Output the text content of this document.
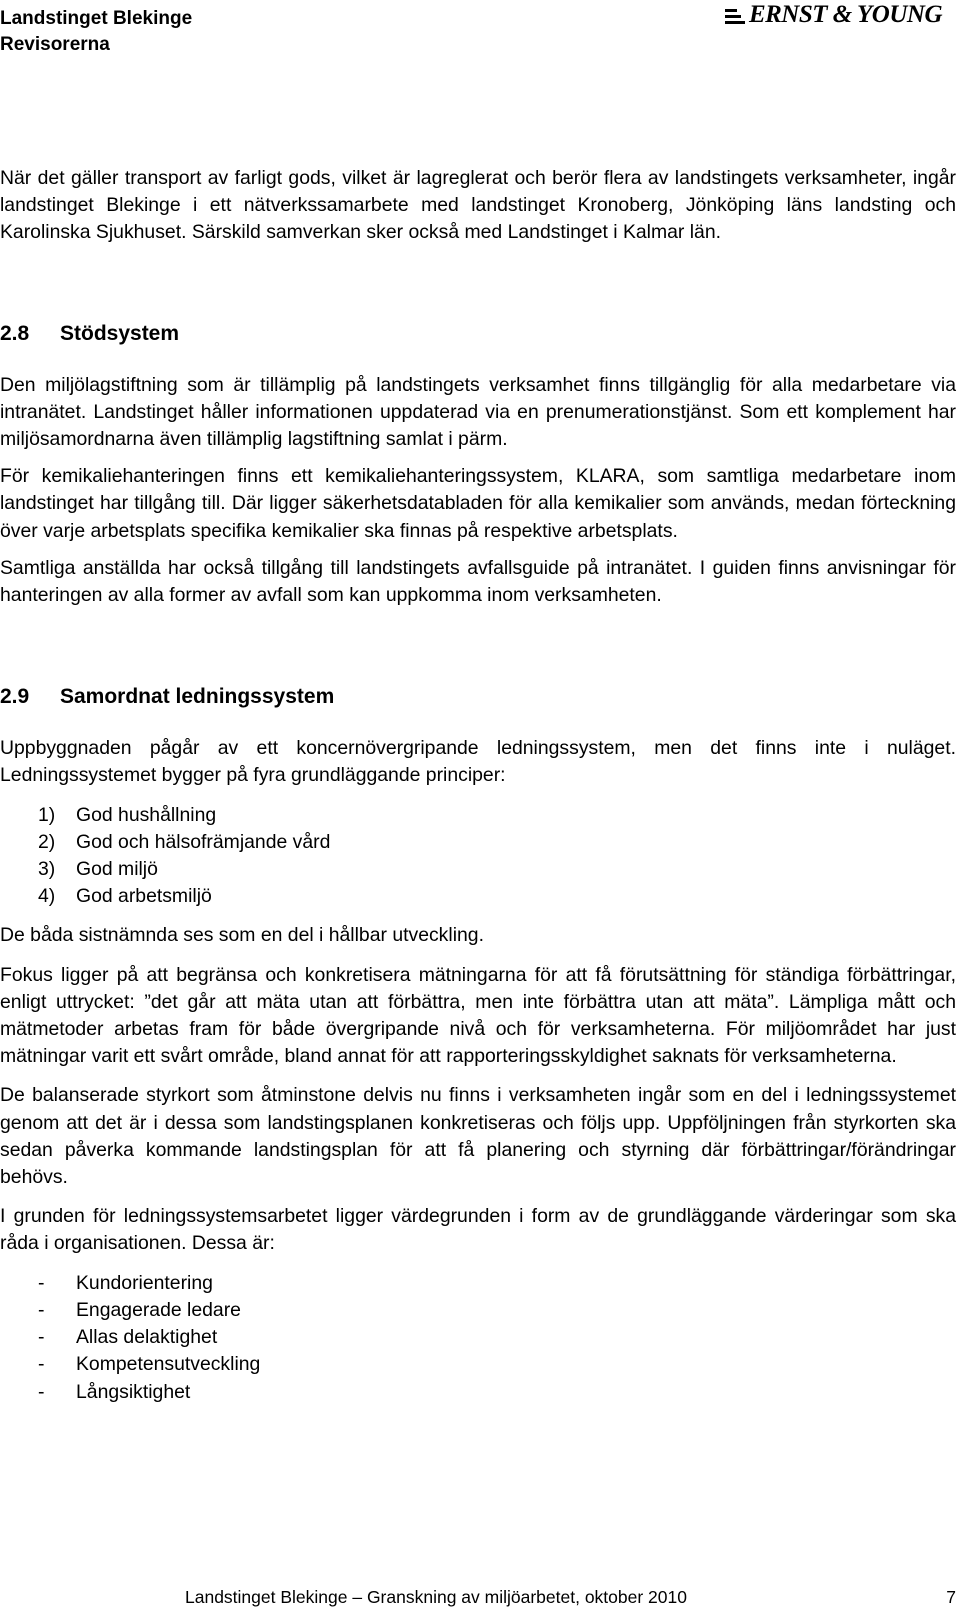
Landstinget Blekinge
Revisorerna
ERNST & YOUNG

När det gäller transport av farligt gods, vilket är lagreglerat och berör flera av landstingets verksamheter, ingår landstinget Blekinge i ett nätverkssamarbete med landstinget Kronoberg, Jönköping läns landsting och Karolinska Sjukhuset. Särskild samverkan sker också med Landstinget i Kalmar län.

2.8	Stödsystem

Den miljölagstiftning som är tillämplig på landstingets verksamhet finns tillgänglig för alla medarbetare via intranätet. Landstinget håller informationen uppdaterad via en prenumerationstjänst. Som ett komplement har miljösamordnarna även tillämplig lagstiftning samlat i pärm.

För kemikaliehanteringen finns ett kemikaliehanteringssystem, KLARA, som samtliga medarbetare inom landstinget har tillgång till. Där ligger säkerhetsdatabladen för alla kemikalier som används, medan förteckning över varje arbetsplats specifika kemikalier ska finnas på respektive arbetsplats.

Samtliga anställda har också tillgång till landstingets avfallsguide på intranätet. I guiden finns anvisningar för hanteringen av alla former av avfall som kan uppkomma inom verksamheten.

2.9	Samordnat ledningssystem

Uppbyggnaden pågår av ett koncernövergripande ledningssystem, men det finns inte i nuläget. Ledningssystemet bygger på fyra grundläggande principer:

1)	God hushållning
2)	God och hälsofrämjande vård
3)	God miljö
4)	God arbetsmiljö

De båda sistnämnda ses som en del i hållbar utveckling.

Fokus ligger på att begränsa och konkretisera mätningarna för att få förutsättning för ständiga förbättringar, enligt uttrycket: ”det går att mäta utan att förbättra, men inte förbättra utan att mäta”. Lämpliga mått och mätmetoder arbetas fram för både övergripande nivå och för verksamheterna. För miljöområdet har just mätningar varit ett svårt område, bland annat för att rapporteringsskyldighet saknats för verksamheterna.

De balanserade styrkort som åtminstone delvis nu finns i verksamheten ingår som en del i ledningssystemet genom att det är i dessa som landstingsplanen konkretiseras och följs upp. Uppföljningen från styrkorten ska sedan påverka kommande landstingsplan för att få planering och styrning där förbättringar/förändringar behövs.

I grunden för ledningssystemsarbetet ligger värdegrunden i form av de grundläggande värderingar som ska råda i organisationen. Dessa är:

-	Kundorientering
-	Engagerade ledare
-	Allas delaktighet
-	Kompetensutveckling
-	Långsiktighet
Landstinget Blekinge – Granskning av miljöarbetet, oktober 2010	7
